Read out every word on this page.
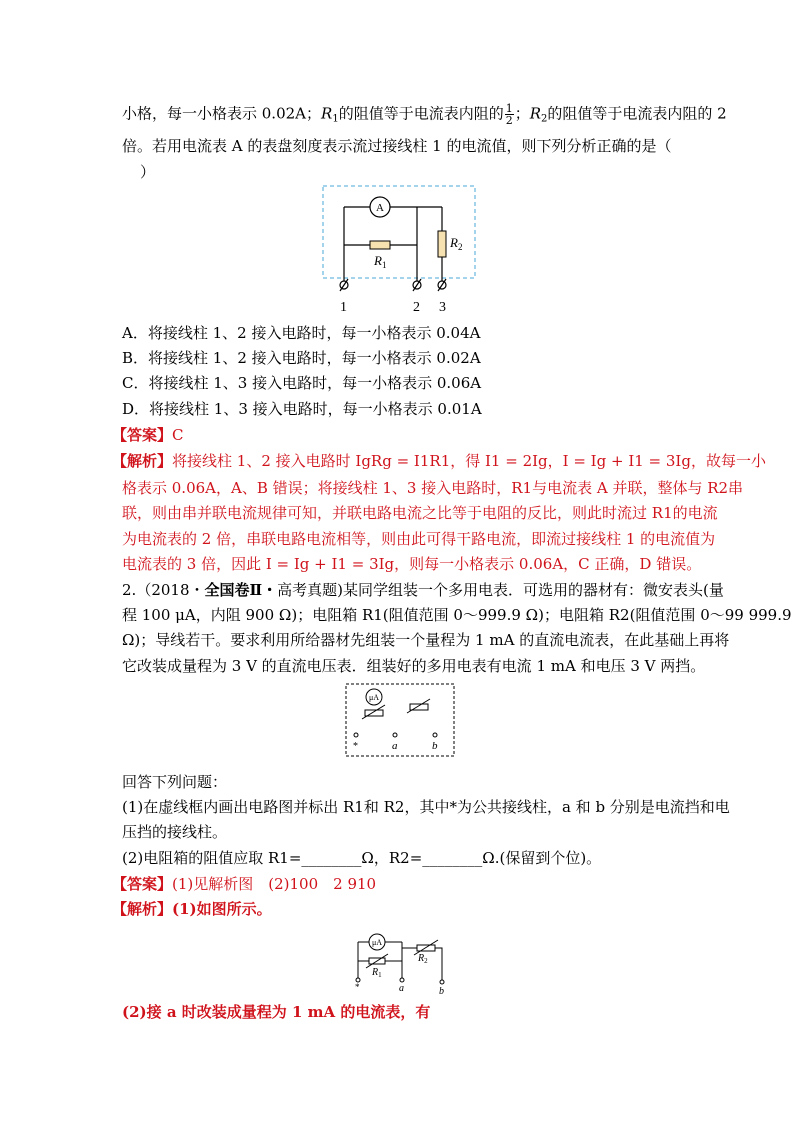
小格，每一小格表示 0.02A；$R_1$的阻值等于电流表内阻的 $\frac{1}{2}$ ；$R_2$的阻值等于电流表内阻的 2
倍。若用电流表 A 的表盘刻度表示流过接线柱 1 的电流值，则下列分析正确的是（
）
A
$R_1$
$R_2$
1	2 3
A．将接线柱 1、2 接入电路时，每一小格表示 0.04A
B．将接线柱 1、2 接入电路时，每一小格表示 0.02A
C．将接线柱 1、3 接入电路时，每一小格表示 0.06A
D．将接线柱 1、3 接入电路时，每一小格表示 0.01A
【答案】C
【解析】将接线柱 1、2 接入电路时 IgRg = I1R1，得 I1 = 2Ig，I = Ig + I1 = 3Ig，故每一小
格表示 0.06A，A、B 错误；将接线柱 1、3 接入电路时，R1与电流表 A 并联，整体与 R2串
联，则由串并联电流规律可知，并联电路电流之比等于电阻的反比，则此时流过 R1的电流
为电流表的 2 倍，串联电路电流相等，则由此可得干路电流，即流过接线柱 1 的电流值为
电流表的 3 倍，因此 I = Ig + I1 = 3Ig，则每一小格表示 0.06A，C 正确，D 错误。
2.（2018・全国卷Ⅱ・高考真题)某同学组装一个多用电表．可选用的器材有：微安表头(量
程 100 μA，内阻 900 Ω)；电阻箱 R1(阻值范围 0～999.9 Ω)；电阻箱 R2(阻值范围 0～99 999.9
Ω)；导线若干。要求利用所给器材先组装一个量程为 1 mA 的直流电流表，在此基础上再将
它改装成量程为 3 V 的直流电压表．组装好的多用电表有电流 1 mA 和电压 3 V 两挡。
μA
*	a	b
回答下列问题：
(1)在虚线框内画出电路图并标出 R1和 R2，其中*为公共接线柱，a 和 b 分别是电流挡和电
压挡的接线柱。
(2)电阻箱的阻值应取 R1=________Ω，R2=________Ω.(保留到个位)。
【答案】(1)见解析图　(2)100　2 910
【解析】(1)如图所示。
μA
$R_1$
$R_2$
*	a	b
(2)接 a 时改装成量程为 1 mA 的电流表，有
